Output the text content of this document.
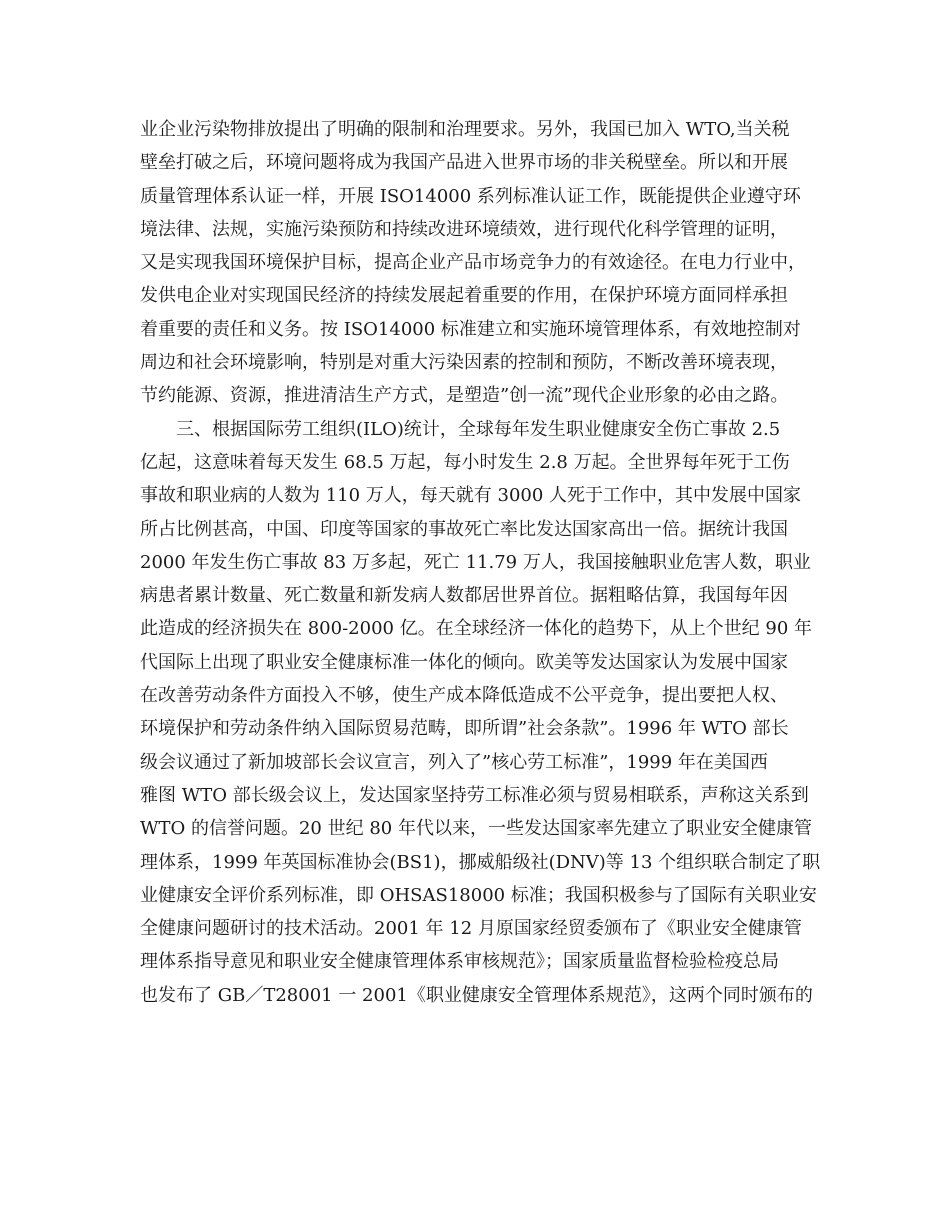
业企业污染物排放提出了明确的限制和治理要求。另外，我国已加入 WTO,当关税
壁垒打破之后，环境问题将成为我国产品进入世界市场的非关税壁垒。所以和开展
质量管理体系认证一样，开展 ISO14000 系列标准认证工作，既能提供企业遵守环
境法律、法规，实施污染预防和持续改进环境绩效，进行现代化科学管理的证明，
又是实现我国环境保护目标，提高企业产品市场竞争力的有效途径。在电力行业中，
发供电企业对实现国民经济的持续发展起着重要的作用，在保护环境方面同样承担
着重要的责任和义务。按 ISO14000 标准建立和实施环境管理体系，有效地控制对
周边和社会环境影响，特别是对重大污染因素的控制和预防，不断改善环境表现，
节约能源、资源，推进清洁生产方式，是塑造”创一流”现代企业形象的必由之路。
三、根据国际劳工组织(ILO)统计，全球每年发生职业健康安全伤亡事故 2.5
亿起，这意味着每天发生 68.5 万起，每小时发生 2.8 万起。全世界每年死于工伤
事故和职业病的人数为 110 万人，每天就有 3000 人死于工作中，其中发展中国家
所占比例甚高，中国、印度等国家的事故死亡率比发达国家高出一倍。据统计我国
2000 年发生伤亡事故 83 万多起，死亡 11.79 万人，我国接触职业危害人数，职业
病患者累计数量、死亡数量和新发病人数都居世界首位。据粗略估算，我国每年因
此造成的经济损失在 800-2000 亿。在全球经济一体化的趋势下，从上个世纪 90 年
代国际上出现了职业安全健康标准一体化的倾向。欧美等发达国家认为发展中国家
在改善劳动条件方面投入不够，使生产成本降低造成不公平竞争，提出要把人权、
环境保护和劳动条件纳入国际贸易范畴，即所谓”社会条款”。1996 年 WTO 部长
级会议通过了新加坡部长会议宣言，列入了”核心劳工标准”，1999 年在美国西
雅图 WTO 部长级会议上，发达国家坚持劳工标准必须与贸易相联系，声称这关系到
WTO 的信誉问题。20 世纪 80 年代以来，一些发达国家率先建立了职业安全健康管
理体系，1999 年英国标准协会(BS1)，挪威船级社(DNV)等 13 个组织联合制定了职
业健康安全评价系列标准，即 OHSAS18000 标准；我国积极参与了国际有关职业安
全健康问题研讨的技术活动。2001 年 12 月原国家经贸委颁布了《职业安全健康管
理体系指导意见和职业安全健康管理体系审核规范》；国家质量监督检验检疫总局
也发布了 GB／T28001 一 2001《职业健康安全管理体系规范》，这两个同时颁布的
